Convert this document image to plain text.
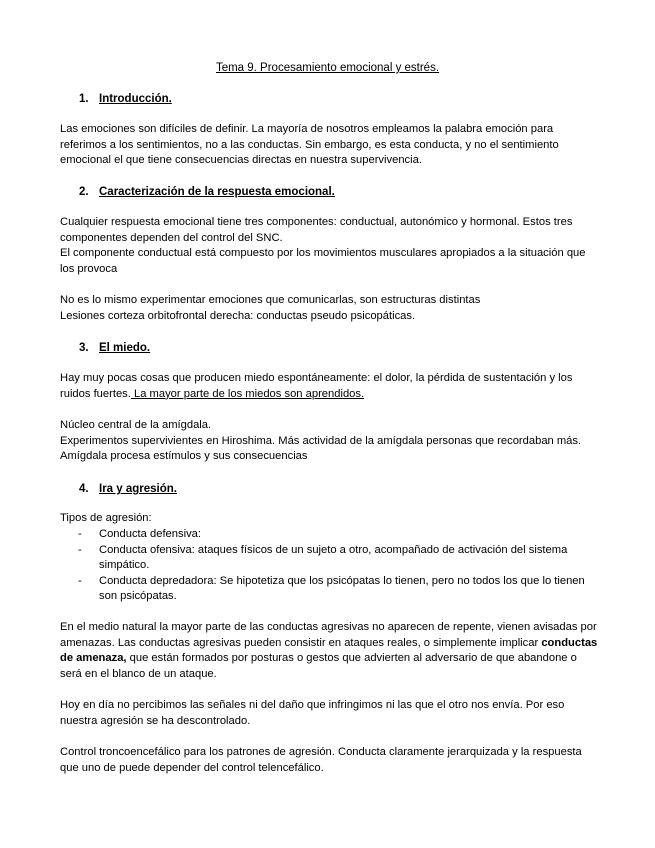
Tema 9. Procesamiento emocional y estrés.
1. Introducción.

Las emociones son difíciles de definir. La mayoría de nosotros empleamos la palabra emoción para referimos a los sentimientos, no a las conductas. Sin embargo, es esta conducta, y no el sentimiento emocional el que tiene consecuencias directas en nuestra supervivencia.

2. Caracterización de la respuesta emocional.

Cualquier respuesta emocional tiene tres componentes: conductual, autonómico y hormonal. Estos tres componentes dependen del control del SNC.

El componente conductual está compuesto por los movimientos musculares apropiados a la situación que los provoca

No es lo mismo experimentar emociones que comunicarlas, son estructuras distintas

Lesiones corteza orbitofrontal derecha: conductas pseudo psicopáticas.

3. El miedo.

Hay muy pocas cosas que producen miedo espontáneamente: el dolor, la pérdida de sustentación y los ruidos fuertes. La mayor parte de los miedos son aprendidos.

Núcleo central de la amígdala.

Experimentos supervivientes en Hiroshima. Más actividad de la amígdala personas que recordaban más. Amígdala procesa estímulos y sus consecuencias

4. Ira y agresión.

Tipos de agresión:

- Conducta defensiva:
- Conducta ofensiva: ataques físicos de un sujeto a otro, acompañado de activación del sistema simpático.
- Conducta depredadora: Se hipotetiza que los psicópatas lo tienen, pero no todos los que lo tienen son psicópatas.

En el medio natural la mayor parte de las conductas agresivas no aparecen de repente, vienen avisadas por amenazas. Las conductas agresivas pueden consistir en ataques reales, o simplemente implicar conductas de amenaza, que están formados por posturas o gestos que advierten al adversario de que abandone o será en el blanco de un ataque.

Hoy en día no percibimos las señales ni del daño que infringimos ni las que el otro nos envía. Por eso nuestra agresión se ha descontrolado.

Control troncoencefálico para los patrones de agresión. Conducta claramente jerarquizada y la respuesta que uno de puede depender del control telencefálico.
